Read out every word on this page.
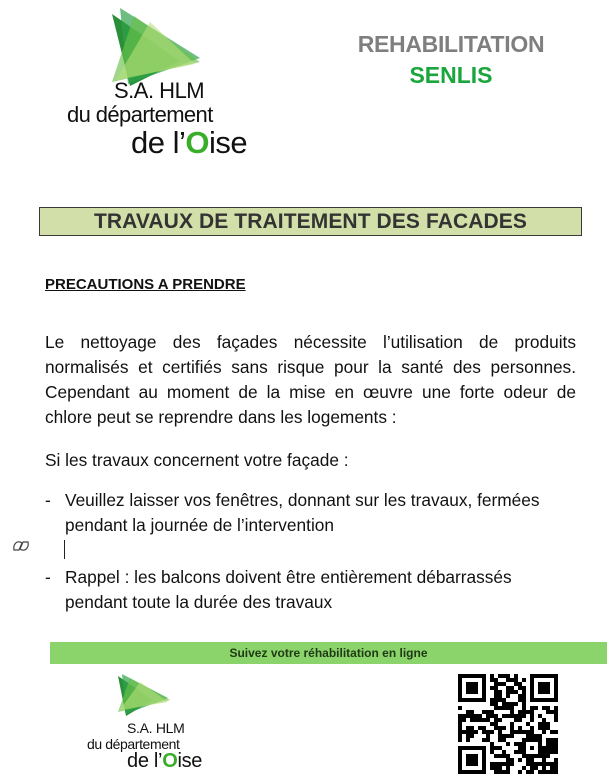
S.A. HLM
du département
de l’Oise
REHABILITATION
SENLIS
TRAVAUX DE TRAITEMENT DES FACADES
PRECAUTIONS A PRENDRE
Le nettoyage des façades nécessite l’utilisation de produits normalisés et certifiés sans risque pour la santé des personnes. Cependant au moment de la mise en œuvre une forte odeur de chlore peut se reprendre dans les logements :
Si les travaux concernent votre façade :
- Veuillez laisser vos fenêtres, donnant sur les travaux, fermées pendant la journée de l’intervention
- Rappel : les balcons doivent être entièrement débarrassés pendant toute la durée des travaux
Suivez votre réhabilitation en ligne
S.A. HLM
du département
de l’Oise
